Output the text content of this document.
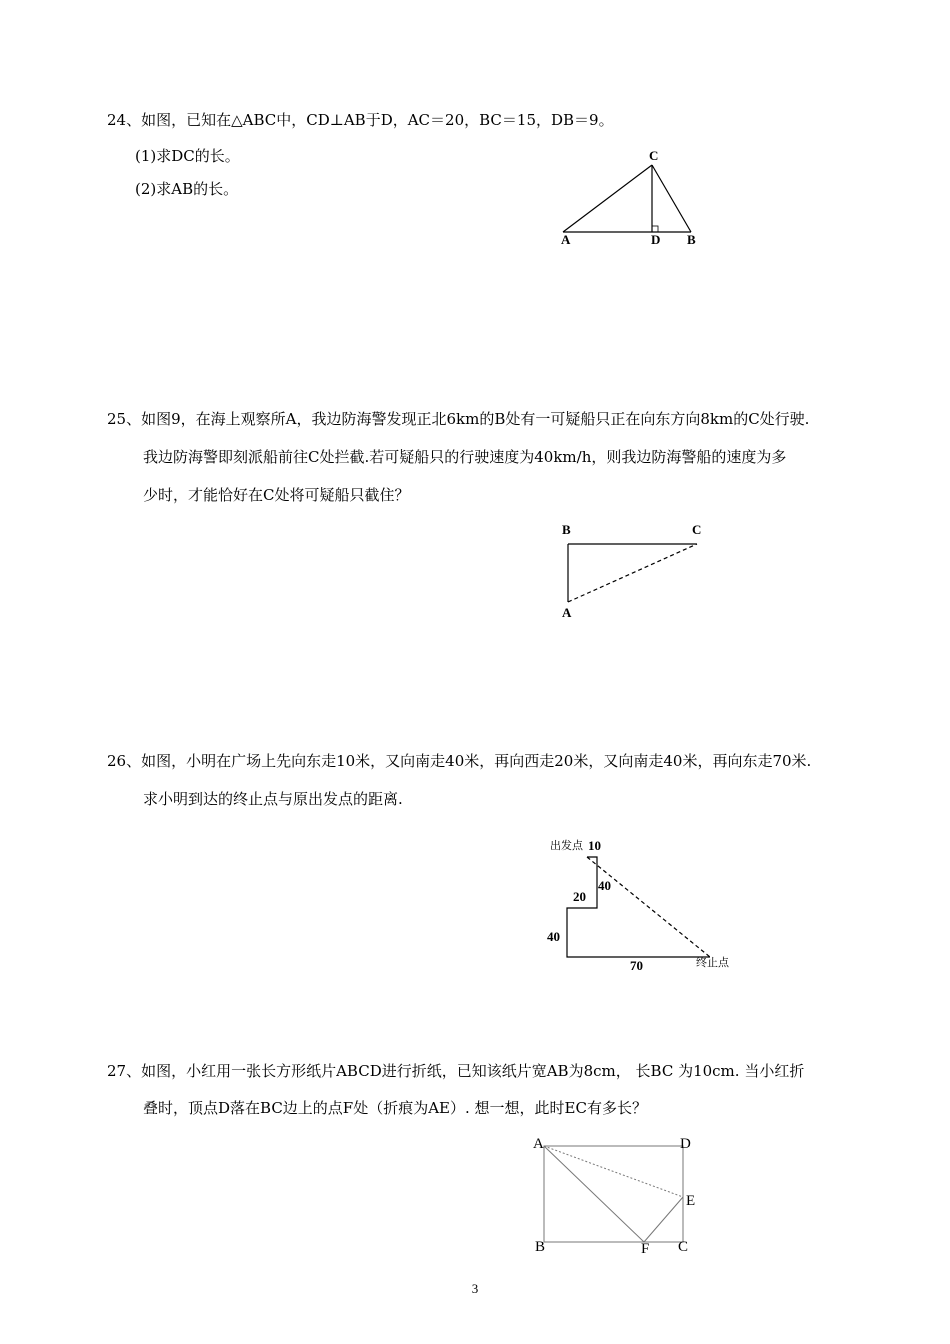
24、如图，已知在△ABC中，CD⊥AB于D，AC＝20，BC＝15，DB＝9。
(1)求DC的长。
(2)求AB的长。
A	D B
C
25、如图9，在海上观察所A，我边防海警发现正北6km的B处有一可疑船只正在向东方向8km的C处行驶.
我边防海警即刻派船前往C处拦截.若可疑船只的行驶速度为40km/h，则我边防海警船的速度为多
少时，才能恰好在C处将可疑船只截住？
B	C
A
26、如图，小明在广场上先向东走10米，又向南走40米，再向西走20米，又向南走40米，再向东走70米.
求小明到达的终止点与原出发点的距离.
出发点 10
40
20
40
70	终止点
27、如图，小红用一张长方形纸片ABCD进行折纸，已知该纸片宽AB为8cm， 长BC 为10cm. 当小红折
叠时，顶点D落在BC边上的点F处（折痕为AE）. 想一想，此时EC有多长？
A	D
E
B	F C
3
